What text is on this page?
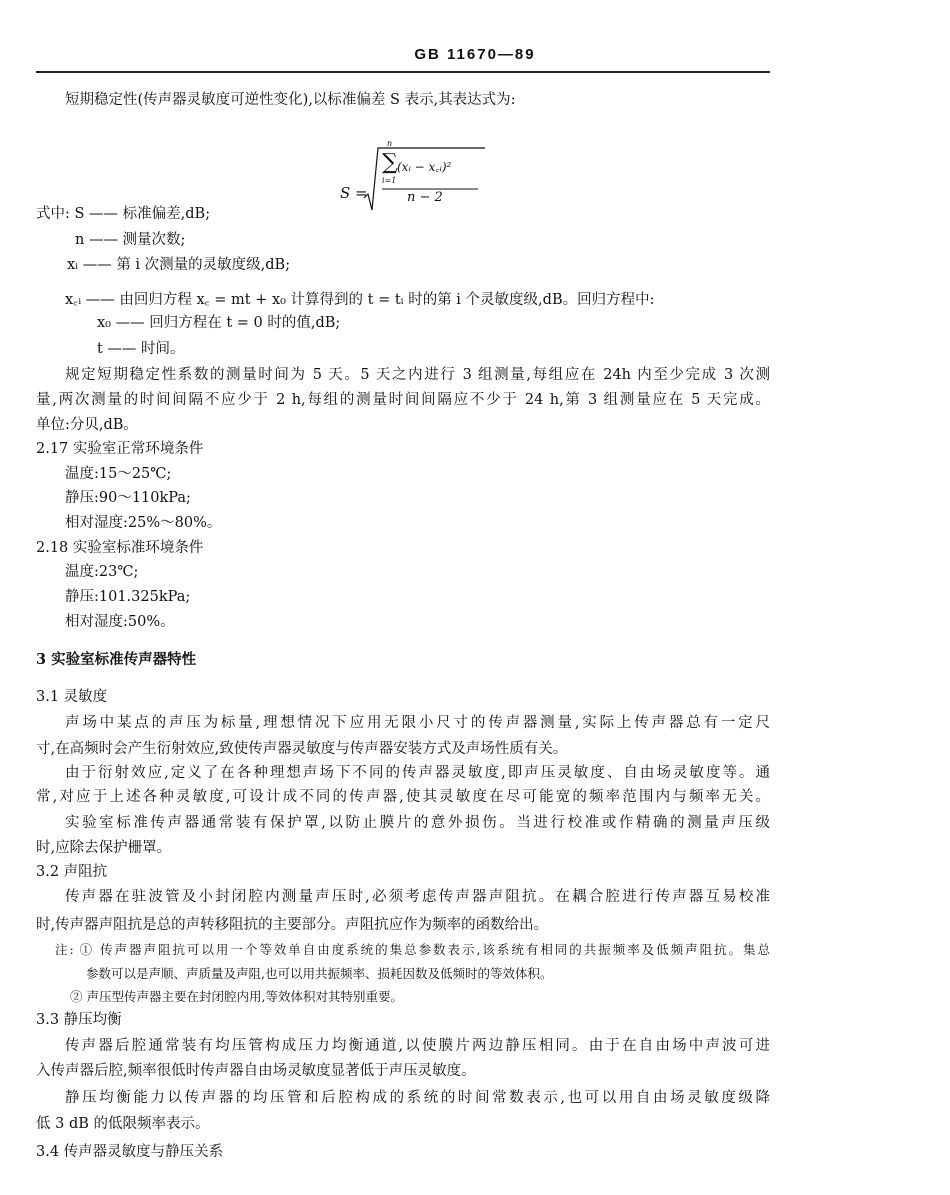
GB 11670—89
S =
n
∑
i=1
(xᵢ − x꜀ᵢ)²
n − 2
短期稳定性(传声器灵敏度可逆性变化),以标准偏差 S 表示,其表达式为:
式中: S —— 标准偏差,dB;
n —— 测量次数;
xᵢ —— 第 i 次测量的灵敏度级,dB;
x꜀ᵢ —— 由回归方程 x꜀ = mt + x₀ 计算得到的 t = tᵢ 时的第 i 个灵敏度级,dB。回归方程中:
x₀ —— 回归方程在 t = 0 时的值,dB;
t —— 时间。
规定短期稳定性系数的测量时间为 5 天。5 天之内进行 3 组测量,每组应在 24h 内至少完成 3 次测
量,两次测量的时间间隔不应少于 2 h,每组的测量时间间隔应不少于 24 h,第 3 组测量应在 5 天完成。
单位:分贝,dB。
2.17 实验室正常环境条件
温度:15～25℃;
静压:90～110kPa;
相对湿度:25%～80%。
2.18 实验室标准环境条件
温度:23℃;
静压:101.325kPa;
相对湿度:50%。
3 实验室标准传声器特性
3.1 灵敏度
声场中某点的声压为标量,理想情况下应用无限小尺寸的传声器测量,实际上传声器总有一定尺
寸,在高频时会产生衍射效应,致使传声器灵敏度与传声器安装方式及声场性质有关。
由于衍射效应,定义了在各种理想声场下不同的传声器灵敏度,即声压灵敏度、自由场灵敏度等。通
常,对应于上述各种灵敏度,可设计成不同的传声器,使其灵敏度在尽可能宽的频率范围内与频率无关。
实验室标准传声器通常装有保护罩,以防止膜片的意外损伤。当进行校准或作精确的测量声压级
时,应除去保护栅罩。
3.2 声阻抗
传声器在驻波管及小封闭腔内测量声压时,必须考虑传声器声阻抗。在耦合腔进行传声器互易校准
时,传声器声阻抗是总的声转移阻抗的主要部分。声阻抗应作为频率的函数给出。
注: ① 传声器声阻抗可以用一个等效单自由度系统的集总参数表示,该系统有相同的共振频率及低频声阻抗。集总
参数可以是声顺、声质量及声阻,也可以用共振频率、损耗因数及低频时的等效体积。
② 声压型传声器主要在封闭腔内用,等效体积对其特别重要。
3.3 静压均衡
传声器后腔通常装有均压管构成压力均衡通道,以使膜片两边静压相同。由于在自由场中声波可进
入传声器后腔,频率很低时传声器自由场灵敏度显著低于声压灵敏度。
静压均衡能力以传声器的均压管和后腔构成的系统的时间常数表示,也可以用自由场灵敏度级降
低 3 dB 的低限频率表示。
3.4 传声器灵敏度与静压关系
